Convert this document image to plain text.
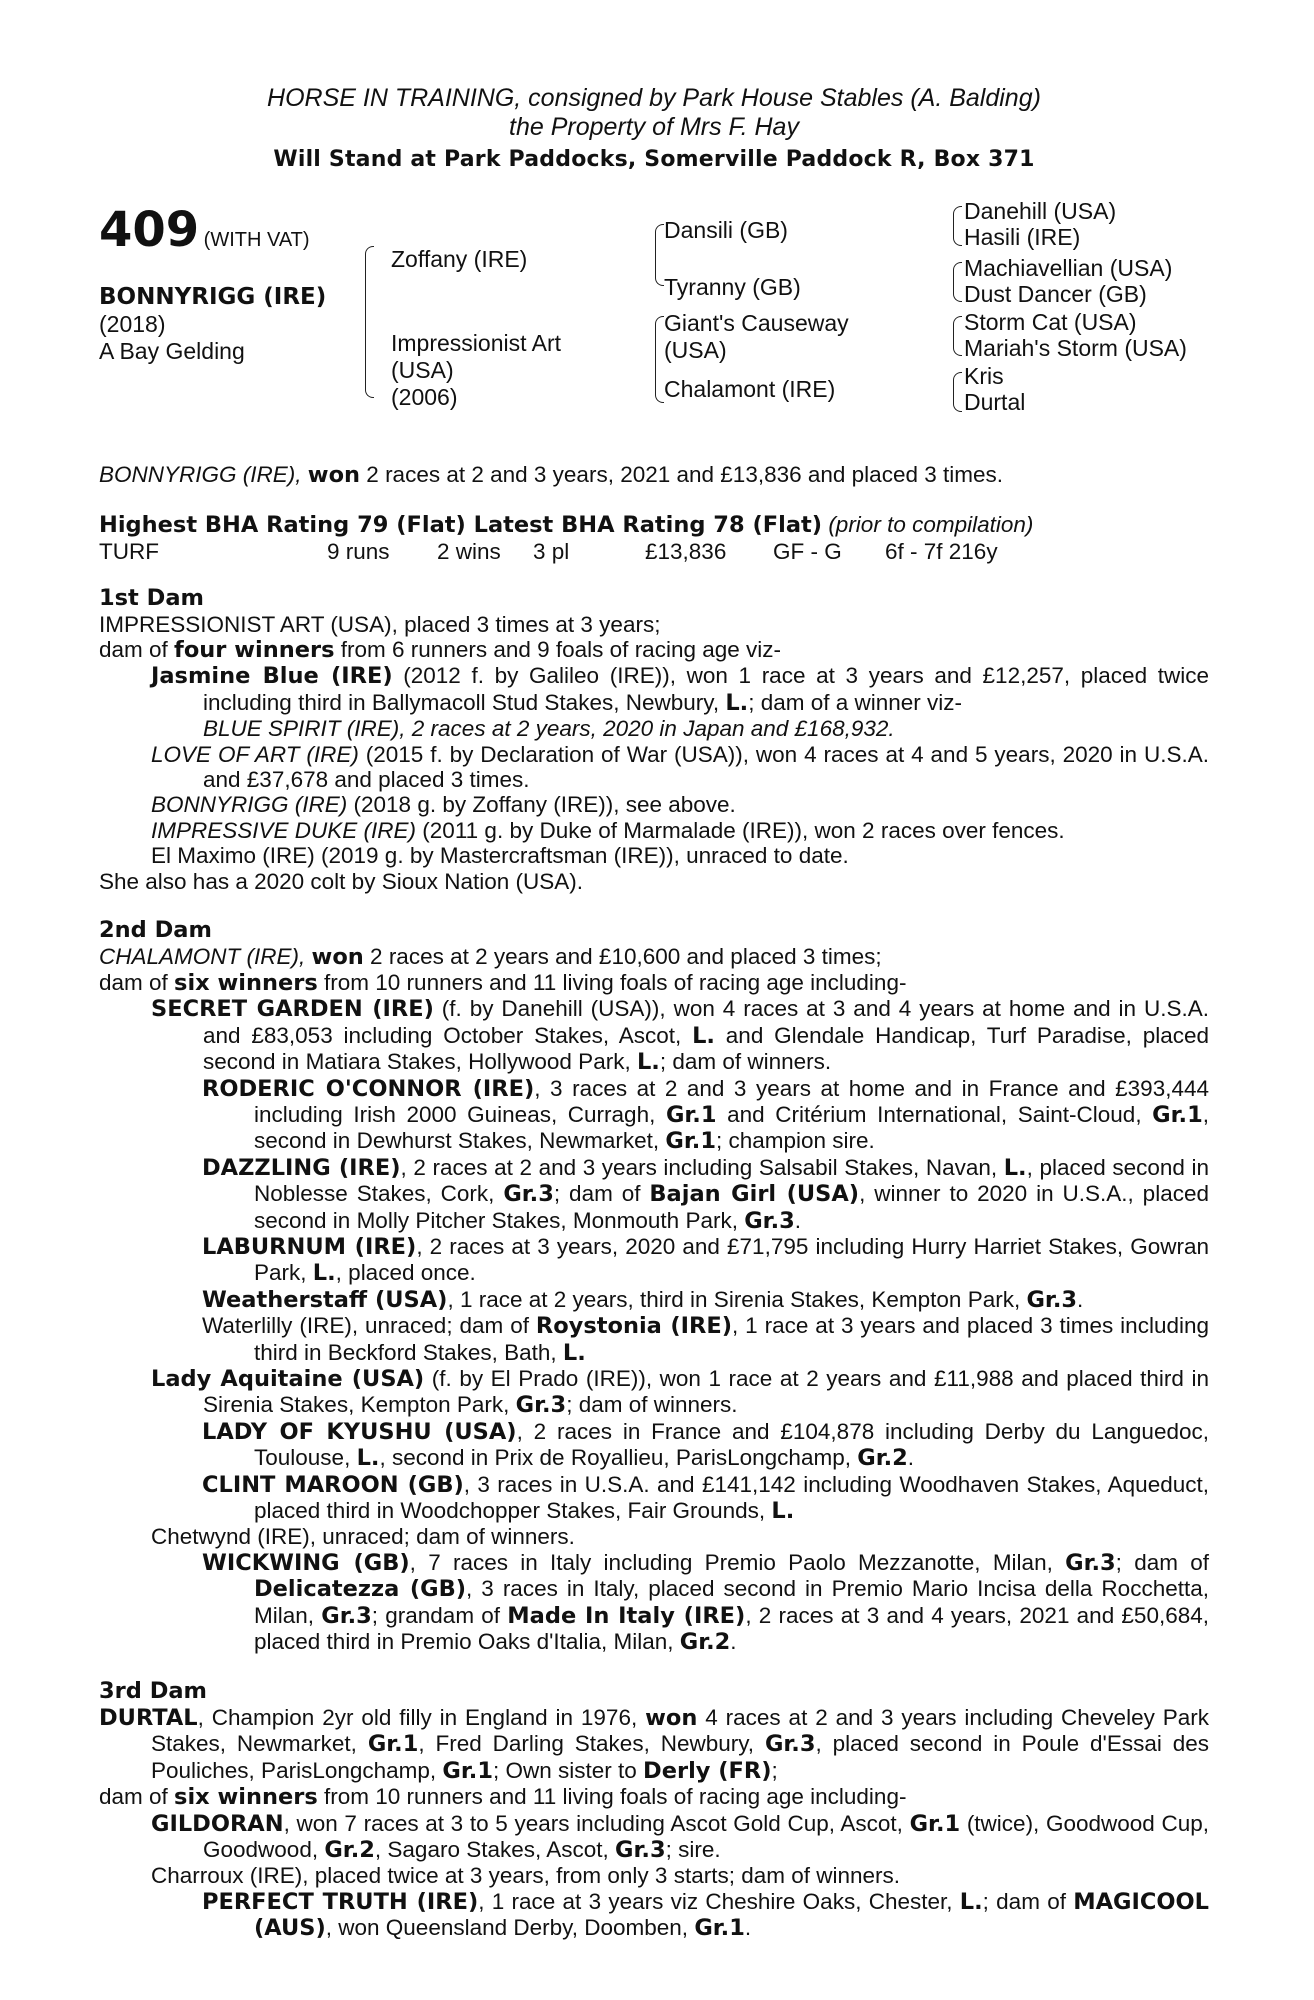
HORSE IN TRAINING, consigned by Park House Stables (A. Balding)
the Property of Mrs F. Hay
Will Stand at Park Paddocks, Somerville Paddock R, Box 371
409 (WITH VAT)
BONNYRIGG (IRE)
(2018)
A Bay Gelding
Zoffany (IRE)
Impressionist Art
(USA)
(2006)
Dansili (GB)
Tyranny (GB)
Giant's Causeway
(USA)
Chalamont (IRE)
Danehill (USA)
Hasili (IRE)
Machiavellian (USA)
Dust Dancer (GB)
Storm Cat (USA)
Mariah's Storm (USA)
Kris
Durtal

BONNYRIGG (IRE), won 2 races at 2 and 3 years, 2021 and £13,836 and placed 3 times.

Highest BHA Rating 79 (Flat) Latest BHA Rating 78 (Flat) (prior to compilation)

TURF	9 runs 2 wins 3 pl	£13,836 GF - G 6f - 7f 216y

1st Dam

IMPRESSIONIST ART (USA), placed 3 times at 3 years;

dam of four winners from 6 runners and 9 foals of racing age viz-

Jasmine Blue (IRE) (2012 f. by Galileo (IRE)), won 1 race at 3 years and £12,257, placed twice including third in Ballymacoll Stud Stakes, Newbury, L.; dam of a winner viz-

BLUE SPIRIT (IRE), 2 races at 2 years, 2020 in Japan and £168,932.

LOVE OF ART (IRE) (2015 f. by Declaration of War (USA)), won 4 races at 4 and 5 years, 2020 in U.S.A. and £37,678 and placed 3 times.

BONNYRIGG (IRE) (2018 g. by Zoffany (IRE)), see above.

IMPRESSIVE DUKE (IRE) (2011 g. by Duke of Marmalade (IRE)), won 2 races over fences.

El Maximo (IRE) (2019 g. by Mastercraftsman (IRE)), unraced to date.

She also has a 2020 colt by Sioux Nation (USA).

2nd Dam

CHALAMONT (IRE), won 2 races at 2 years and £10,600 and placed 3 times;

dam of six winners from 10 runners and 11 living foals of racing age including-

SECRET GARDEN (IRE) (f. by Danehill (USA)), won 4 races at 3 and 4 years at home and in U.S.A. and £83,053 including October Stakes, Ascot, L. and Glendale Handicap, Turf Paradise, placed second in Matiara Stakes, Hollywood Park, L.; dam of winners.

RODERIC O'CONNOR (IRE), 3 races at 2 and 3 years at home and in France and £393,444 including Irish 2000 Guineas, Curragh, Gr.1 and Critérium International, Saint-Cloud, Gr.1, second in Dewhurst Stakes, Newmarket, Gr.1; champion sire.

DAZZLING (IRE), 2 races at 2 and 3 years including Salsabil Stakes, Navan, L., placed second in Noblesse Stakes, Cork, Gr.3; dam of Bajan Girl (USA), winner to 2020 in U.S.A., placed second in Molly Pitcher Stakes, Monmouth Park, Gr.3.

LABURNUM (IRE), 2 races at 3 years, 2020 and £71,795 including Hurry Harriet Stakes, Gowran Park, L., placed once.

Weatherstaff (USA), 1 race at 2 years, third in Sirenia Stakes, Kempton Park, Gr.3.

Waterlilly (IRE), unraced; dam of Roystonia (IRE), 1 race at 3 years and placed 3 times including third in Beckford Stakes, Bath, L.

Lady Aquitaine (USA) (f. by El Prado (IRE)), won 1 race at 2 years and £11,988 and placed third in Sirenia Stakes, Kempton Park, Gr.3; dam of winners.

LADY OF KYUSHU (USA), 2 races in France and £104,878 including Derby du Languedoc, Toulouse, L., second in Prix de Royallieu, ParisLongchamp, Gr.2.

CLINT MAROON (GB), 3 races in U.S.A. and £141,142 including Woodhaven Stakes, Aqueduct, placed third in Woodchopper Stakes, Fair Grounds, L.

Chetwynd (IRE), unraced; dam of winners.

WICKWING (GB), 7 races in Italy including Premio Paolo Mezzanotte, Milan, Gr.3; dam of Delicatezza (GB), 3 races in Italy, placed second in Premio Mario Incisa della Rocchetta, Milan, Gr.3; grandam of Made In Italy (IRE), 2 races at 3 and 4 years, 2021 and £50,684, placed third in Premio Oaks d'Italia, Milan, Gr.2.

3rd Dam

DURTAL, Champion 2yr old filly in England in 1976, won 4 races at 2 and 3 years including Cheveley Park Stakes, Newmarket, Gr.1, Fred Darling Stakes, Newbury, Gr.3, placed second in Poule d'Essai des Pouliches, ParisLongchamp, Gr.1; Own sister to Derly (FR);

dam of six winners from 10 runners and 11 living foals of racing age including-

GILDORAN, won 7 races at 3 to 5 years including Ascot Gold Cup, Ascot, Gr.1 (twice), Goodwood Cup, Goodwood, Gr.2, Sagaro Stakes, Ascot, Gr.3; sire.

Charroux (IRE), placed twice at 3 years, from only 3 starts; dam of winners.

PERFECT TRUTH (IRE), 1 race at 3 years viz Cheshire Oaks, Chester, L.; dam of MAGICOOL (AUS), won Queensland Derby, Doomben, Gr.1.
